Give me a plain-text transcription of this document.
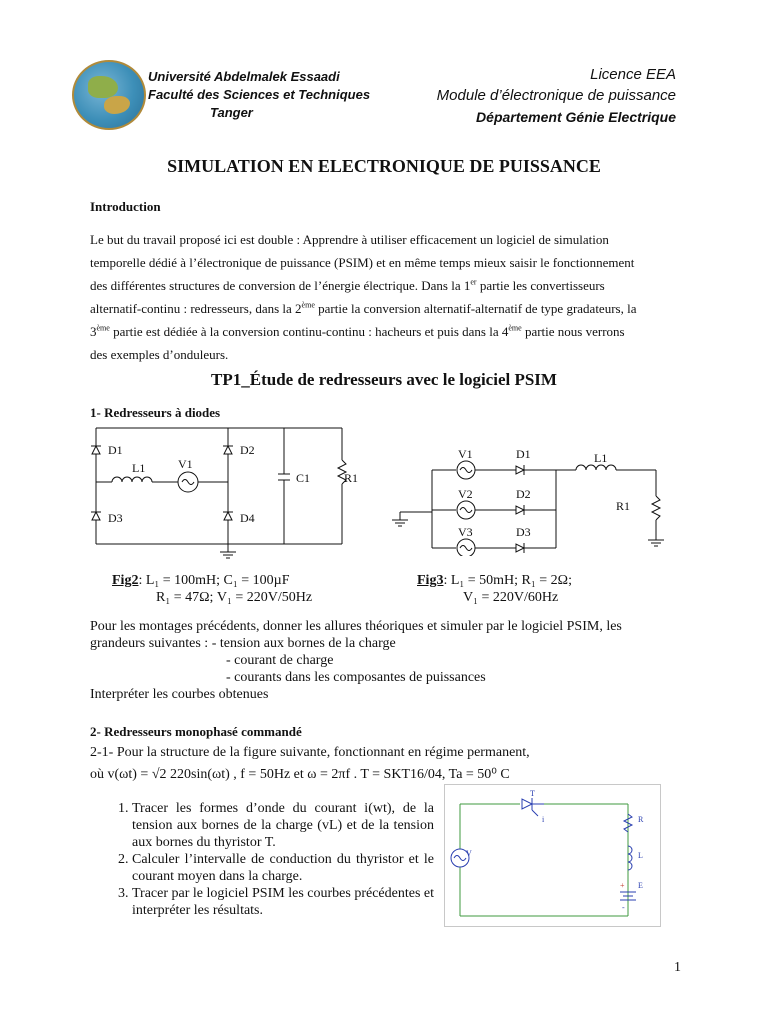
Université Abdelmalek Essaadi
Faculté des Sciences et Techniques
Tanger
Licence EEA
Module d’électronique de puissance
Département Génie Electrique
SIMULATION EN ELECTRONIQUE DE PUISSANCE
Introduction
Le but du travail proposé ici est double : Apprendre à utiliser efficacement un logiciel de simulation
temporelle dédié à l’électronique de puissance (PSIM) et en même temps mieux saisir le fonctionnement
des différentes structures de conversion de l’énergie électrique. Dans la 1er partie les convertisseurs
alternatif-continu : redresseurs, dans la 2ème partie la conversion alternatif-alternatif de type gradateurs, la
3ème partie est dédiée à la conversion continu-continu : hacheurs et puis dans la 4ème partie nous verrons
des exemples d’onduleurs.
TP1_Étude de redresseurs avec le logiciel PSIM
1- Redresseurs à diodes
D1	D2
D3	D4
L1	V1
C1	R1
V1
V2
V3
D1
D2
D3
L1
R1
Fig2: L₁ = 100mH; C₁ = 100µF
R₁ = 47Ω; V₁ = 220V/50Hz
Fig3: L₁ = 50mH; R₁ = 2Ω;
V₁ = 220V/60Hz
Pour les montages précédents, donner les allures théoriques et simuler par le logiciel PSIM, les
grandeurs suivantes : - tension aux bornes de la charge
- courant de charge
- courants dans les composantes de puissances
Interpréter les courbes obtenues
2- Redresseurs monophasé commandé
2-1- Pour la structure de la figure suivante, fonctionnant en régime permanent,
où v(ωt) = √2 220sin(ωt) , f = 50Hz et ω = 2πf . T = SKT16/04, Ta = 50⁰ C
1. Tracer les formes d’onde du courant i(wt), de la tension aux bornes de la charge (vL) et de la tension aux bornes du thyristor T.
2. Calculer l’intervalle de conduction du thyristor et le courant moyen dans la charge.
3. Tracer par le logiciel PSIM les courbes précédentes et interpréter les résultats.
T
i
V
R
L
E
+
-
1
